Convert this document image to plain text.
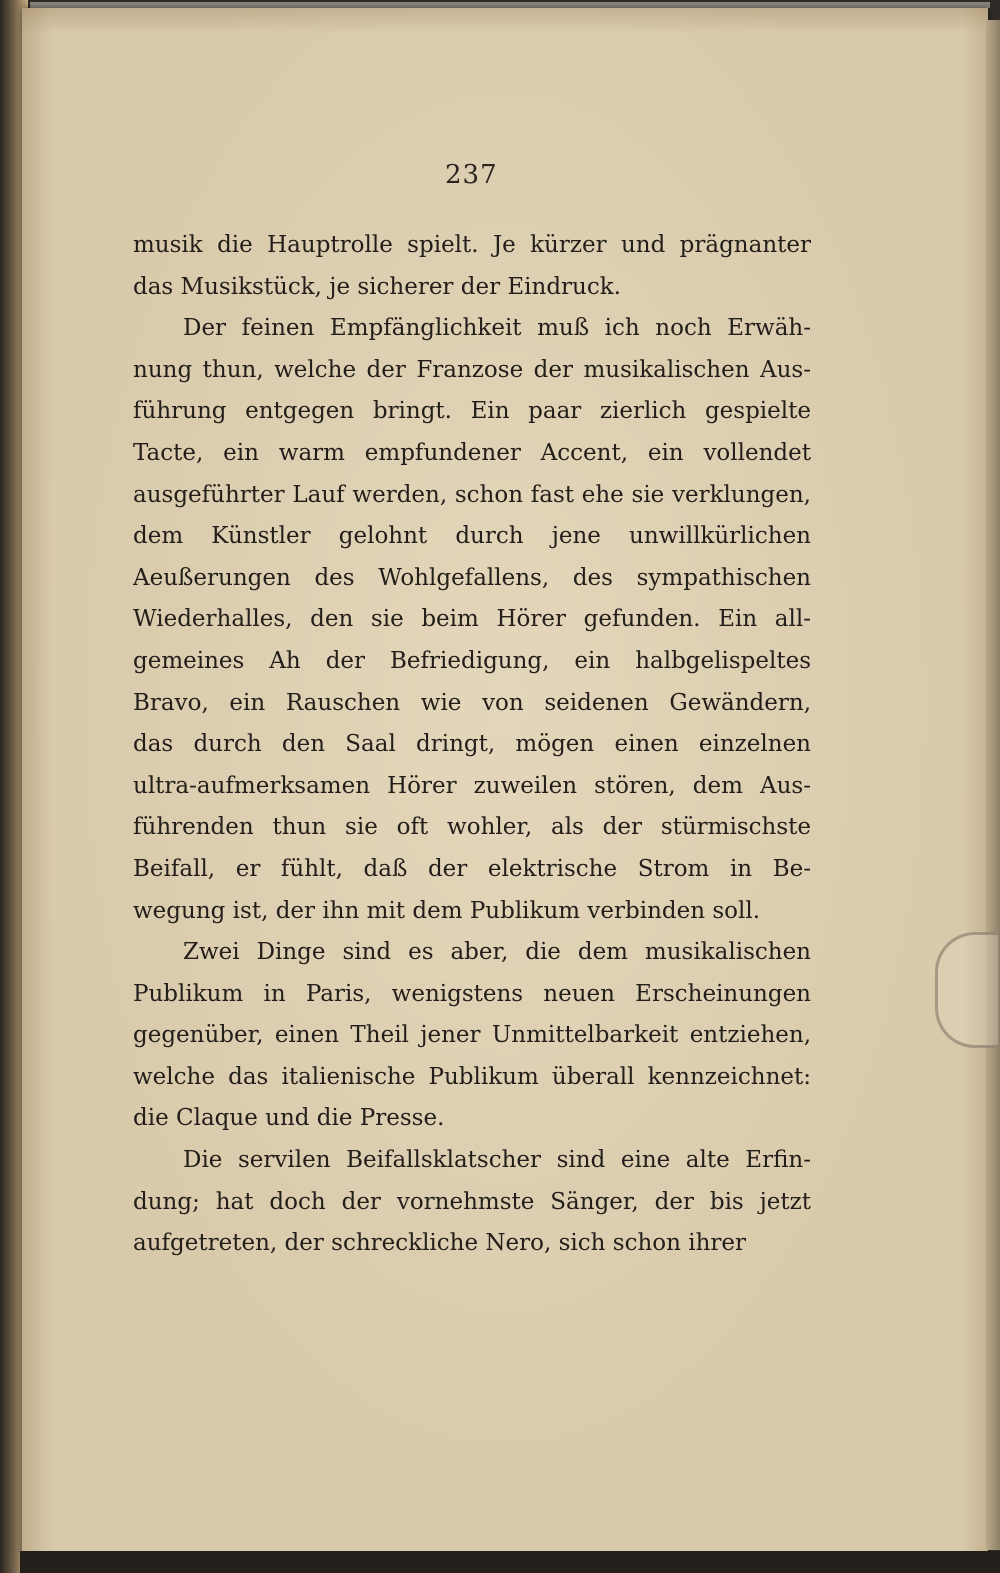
237
musik die Hauptrolle spielt. Je kürzer und prägnanter
das Musikstück, je sicherer der Eindruck.
Der feinen Empfänglichkeit muß ich noch Erwäh-
nung thun, welche der Franzose der musikalischen Aus-
führung entgegen bringt. Ein paar zierlich gespielte
Tacte, ein warm empfundener Accent, ein vollendet
ausgeführter Lauf werden, schon fast ehe sie verklungen,
dem Künstler gelohnt durch jene unwillkürlichen
Aeußerungen des Wohlgefallens, des sympathischen
Wiederhalles, den sie beim Hörer gefunden. Ein all-
gemeines Ah der Befriedigung, ein halbgelispeltes
Bravo, ein Rauschen wie von seidenen Gewändern,
das durch den Saal dringt, mögen einen einzelnen
ultra-aufmerksamen Hörer zuweilen stören, dem Aus-
führenden thun sie oft wohler, als der stürmischste
Beifall, er fühlt, daß der elektrische Strom in Be-
wegung ist, der ihn mit dem Publikum verbinden soll.
Zwei Dinge sind es aber, die dem musikalischen
Publikum in Paris, wenigstens neuen Erscheinungen
gegenüber, einen Theil jener Unmittelbarkeit entziehen,
welche das italienische Publikum überall kennzeichnet:
die Claque und die Presse.
Die servilen Beifallsklatscher sind eine alte Erfin-
dung; hat doch der vornehmste Sänger, der bis jetzt
aufgetreten, der schreckliche Nero, sich schon ihrer
